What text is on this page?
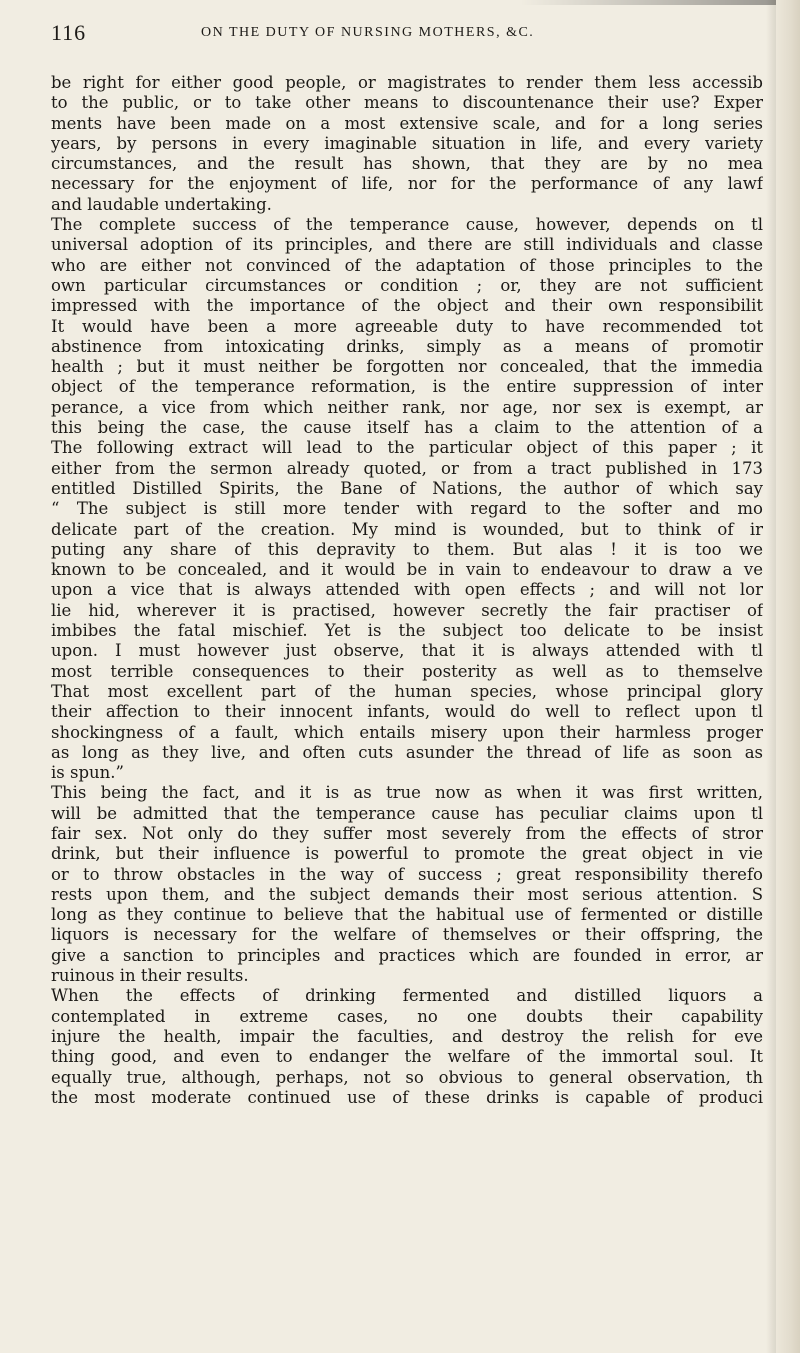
116	ON THE DUTY OF NURSING MOTHERS, &C.
be right for either good people, or magistrates to render them less accessib
to the public, or to take other means to discountenance their use? Exper
ments have been made on a most extensive scale, and for a long series
years, by persons in every imaginable situation in life, and every variety
circumstances, and the result has shown, that they are by no mea
necessary for the enjoyment of life, nor for the performance of any lawf
and laudable undertaking.
The complete success of the temperance cause, however, depends on tl
universal adoption of its principles, and there are still individuals and classe
who are either not convinced of the adaptation of those principles to the
own particular circumstances or condition ; or, they are not sufficient
impressed with the importance of the object and their own responsibilit
It would have been a more agreeable duty to have recommended tot
abstinence from intoxicating drinks, simply as a means of promotir
health ; but it must neither be forgotten nor concealed, that the immedia
object of the temperance reformation, is the entire suppression of inter
perance, a vice from which neither rank, nor age, nor sex is exempt, ar
this being the case, the cause itself has a claim to the attention of a
The following extract will lead to the particular object of this paper ; it
either from the sermon already quoted, or from a tract published in 173
entitled Distilled Spirits, the Bane of Nations, the author of which say
“ The subject is still more tender with regard to the softer and mo
delicate part of the creation. My mind is wounded, but to think of ir
puting any share of this depravity to them. But alas ! it is too we
known to be concealed, and it would be in vain to endeavour to draw a ve
upon a vice that is always attended with open effects ; and will not lor
lie hid, wherever it is practised, however secretly the fair practiser of
imbibes the fatal mischief. Yet is the subject too delicate to be insist
upon. I must however just observe, that it is always attended with tl
most terrible consequences to their posterity as well as to themselve
That most excellent part of the human species, whose principal glory
their affection to their innocent infants, would do well to reflect upon tl
shockingness of a fault, which entails misery upon their harmless proger
as long as they live, and often cuts asunder the thread of life as soon as
is spun.”
This being the fact, and it is as true now as when it was first written,
will be admitted that the temperance cause has peculiar claims upon tl
fair sex. Not only do they suffer most severely from the effects of stror
drink, but their influence is powerful to promote the great object in vie
or to throw obstacles in the way of success ; great responsibility therefo
rests upon them, and the subject demands their most serious attention. S
long as they continue to believe that the habitual use of fermented or distille
liquors is necessary for the welfare of themselves or their offspring, the
give a sanction to principles and practices which are founded in error, ar
ruinous in their results.
When the effects of drinking fermented and distilled liquors a
contemplated in extreme cases, no one doubts their capability
injure the health, impair the faculties, and destroy the relish for eve
thing good, and even to endanger the welfare of the immortal soul. It
equally true, although, perhaps, not so obvious to general observation, th
the most moderate continued use of these drinks is capable of produci
